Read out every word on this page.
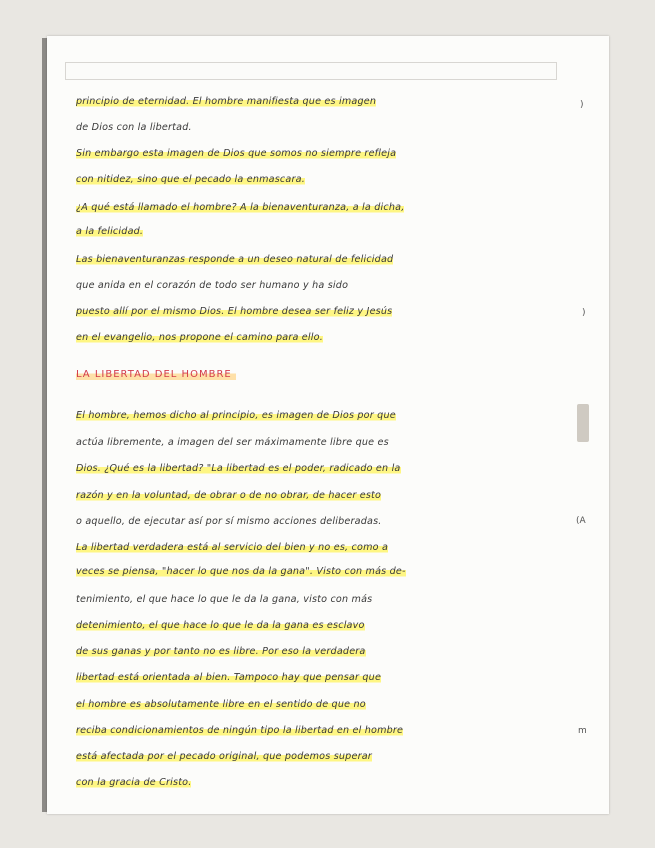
principio de eternidad. El hombre manifiesta que es imagen
de Dios con la libertad.
Sin embargo esta imagen de Dios que somos no siempre refleja
con nitidez, sino que el pecado la enmascara.
¿A qué está llamado el hombre? A la bienaventuranza, a la dicha,
a la felicidad.
Las bienaventuranzas responde a un deseo natural de felicidad
que anida en el corazón de todo ser humano y ha sido
puesto allí por el mismo Dios. El hombre desea ser feliz y Jesús
en el evangelio, nos propone el camino para ello.
El hombre, hemos dicho al principio, es imagen de Dios por que
actúa libremente, a imagen del ser máximamente libre que es
Dios. ¿Qué es la libertad? "La libertad es el poder, radicado en la
razón y en la voluntad, de obrar o de no obrar, de hacer esto
o aquello, de ejecutar así por sí mismo acciones deliberadas.
La libertad verdadera está al servicio del bien y no es, como a
veces se piensa, "hacer lo que nos da la gana". Visto con más de-
tenimiento, el que hace lo que le da la gana, visto con más
detenimiento, el que hace lo que le da la gana es esclavo
de sus ganas y por tanto no es libre. Por eso la verdadera
libertad está orientada al bien. Tampoco hay que pensar que
el hombre es absolutamente libre en el sentido de que no
reciba condicionamientos de ningún tipo la libertad en el hombre
está afectada por el pecado original, que podemos superar
con la gracia de Cristo.
LA LIBERTAD DEL HOMBRE
)
)
(A
m
